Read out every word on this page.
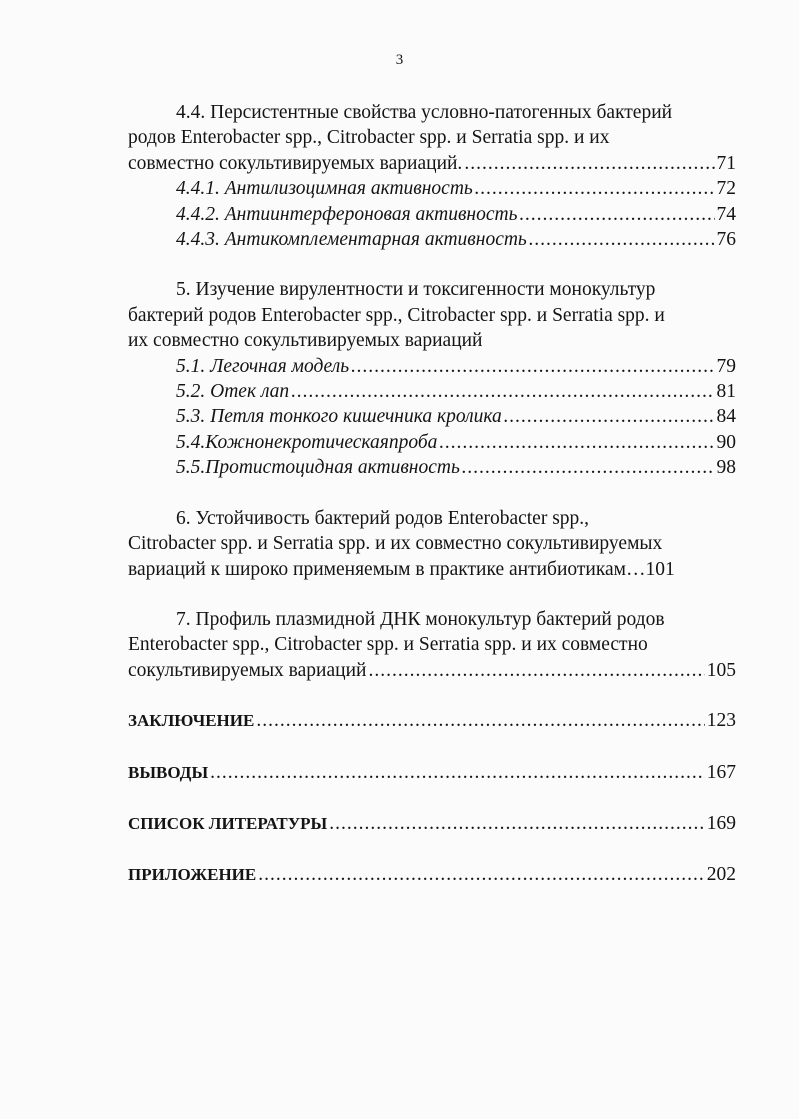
3
4.4. Персистентные свойства условно-патогенных бактерий
родов Enterobacter spp., Citrobacter spp. и Serratia spp. и их
совместно сокультивируемых вариаций. .....	71
4.4.1. Антилизоцимная активность .....	72
4.4.2. Антиинтерфероновая активность .....	74
4.4.3. Антикомплементарная активность .....	76
5. Изучение вирулентности и токсигенности монокультур
бактерий родов Enterobacter spp., Citrobacter spp. и Serratia spp. и
их совместно сокультивируемых вариаций
5.1. Легочная модель .....	79
5.2. Отек лап .....	81
5.3. Петля тонкого кишечника кролика .....	84
5.4.Кожнонекротическаяпроба .....	90
5.5.Протистоцидная активность .....	98
6. Устойчивость бактерий родов Enterobacter spp.,
Citrobacter spp. и Serratia spp. и их совместно сокультивируемых
вариаций к широко применяемым в практике антибиотикам… 101
7. Профиль плазмидной ДНК монокультур бактерий родов
Enterobacter spp., Citrobacter spp. и Serratia spp. и их совместно
сокультивируемых вариаций .....	105
ЗАКЛЮЧЕНИЕ .....	123
ВЫВОДЫ .....	167
СПИСОК ЛИТЕРАТУРЫ .....	169
ПРИЛОЖЕНИЕ .....	202
